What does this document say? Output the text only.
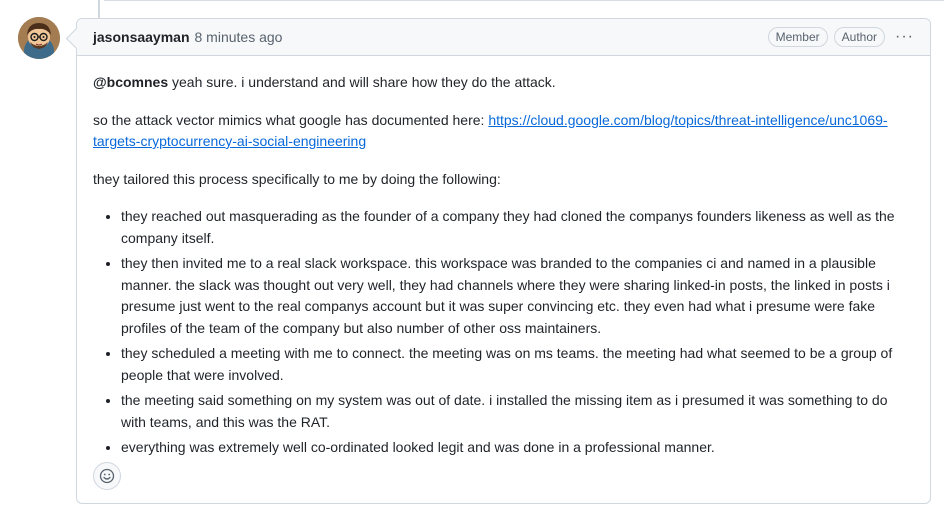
jasonsaayman 8 minutes ago	Member	Author	···

@bcomnes yeah sure. i understand and will share how they do the attack.

so the attack vector mimics what google has documented here: https://cloud.google.com/blog/topics/threat-intelligence/unc1069-targets-cryptocurrency-ai-social-engineering

they tailored this process specifically to me by doing the following:

• they reached out masquerading as the founder of a company they had cloned the companys founders likeness as well as the company itself.
• they then invited me to a real slack workspace. this workspace was branded to the companies ci and named in a plausible manner. the slack was thought out very well, they had channels where they were sharing linked-in posts, the linked in posts i presume just went to the real companys account but it was super convincing etc. they even had what i presume were fake profiles of the team of the company but also number of other oss maintainers.
• they scheduled a meeting with me to connect. the meeting was on ms teams. the meeting had what seemed to be a group of people that were involved.
• the meeting said something on my system was out of date. i installed the missing item as i presumed it was something to do with teams, and this was the RAT.
• everything was extremely well co-ordinated looked legit and was done in a professional manner.
